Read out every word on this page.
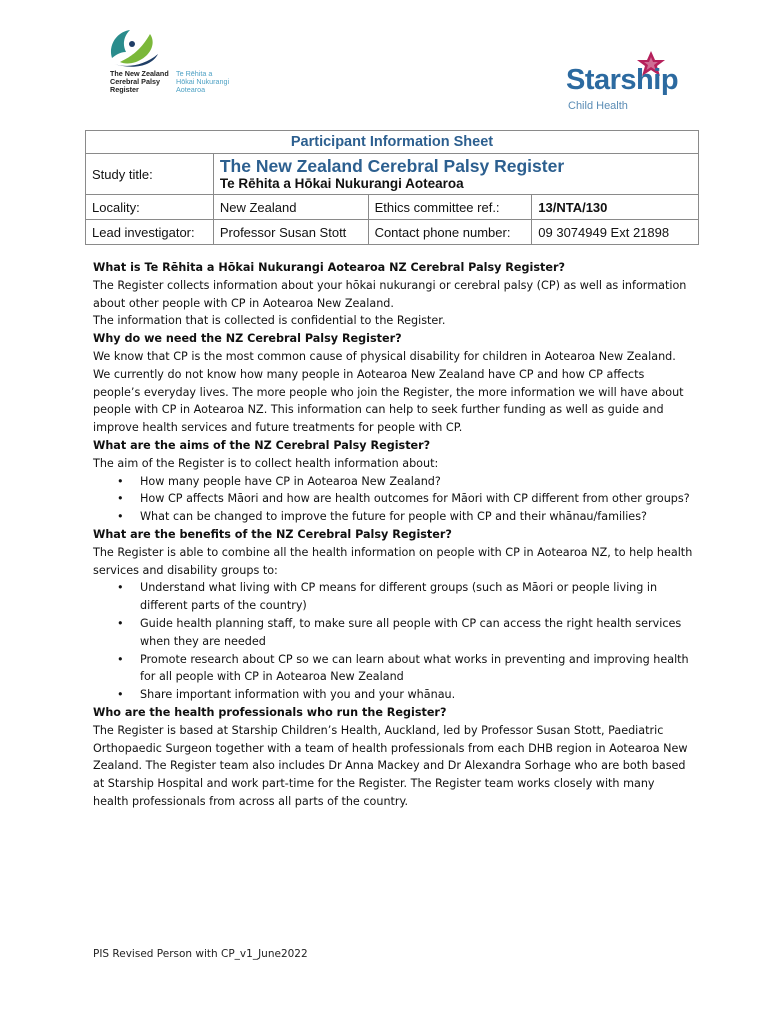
The New Zealand
Cerebral Palsy
Register
Te Rēhita a
Hōkai Nukurangi
Aotearoa	Starship
Child Health
Participant Information Sheet			
Study title:	The New Zealand Cerebral Palsy Register
Te Rēhita a Hōkai Nukurangi Aotearoa		

Locality:	New Zealand	Ethics committee ref.:	13/NTA/130
Lead investigator:	Professor Susan Stott	Contact phone number:	09 3074949 Ext 21898
What is Te Rēhita a Hōkai Nukurangi Aotearoa NZ Cerebral Palsy Register?

The Register collects information about your hōkai nukurangi or cerebral palsy (CP) as well as information about other people with CP in Aotearoa New Zealand.

The information that is collected is confidential to the Register.

Why do we need the NZ Cerebral Palsy Register?

We know that CP is the most common cause of physical disability for children in Aotearoa New Zealand. We currently do not know how many people in Aotearoa New Zealand have CP and how CP affects people’s everyday lives. The more people who join the Register, the more information we will have about people with CP in Aotearoa NZ. This information can help to seek further funding as well as guide and improve health services and future treatments for people with CP.

What are the aims of the NZ Cerebral Palsy Register?

The aim of the Register is to collect health information about:

• How many people have CP in Aotearoa New Zealand?
• How CP affects Māori and how are health outcomes for Māori with CP different from other groups?
• What can be changed to improve the future for people with CP and their whānau/families?
What are the benefits of the NZ Cerebral Palsy Register?

The Register is able to combine all the health information on people with CP in Aotearoa NZ, to help health services and disability groups to:

• Understand what living with CP means for different groups (such as Māori or people living in different parts of the country)
• Guide health planning staff, to make sure all people with CP can access the right health services when they are needed
• Promote research about CP so we can learn about what works in preventing and improving health for all people with CP in Aotearoa New Zealand
• Share important information with you and your whānau.
Who are the health professionals who run the Register?

The Register is based at Starship Children’s Health, Auckland, led by Professor Susan Stott, Paediatric Orthopaedic Surgeon together with a team of health professionals from each DHB region in Aotearoa New Zealand. The Register team also includes Dr Anna Mackey and Dr Alexandra Sorhage who are both based at Starship Hospital and work part-time for the Register. The Register team works closely with many health professionals from across all parts of the country.

PIS Revised Person with CP_v1_June2022
